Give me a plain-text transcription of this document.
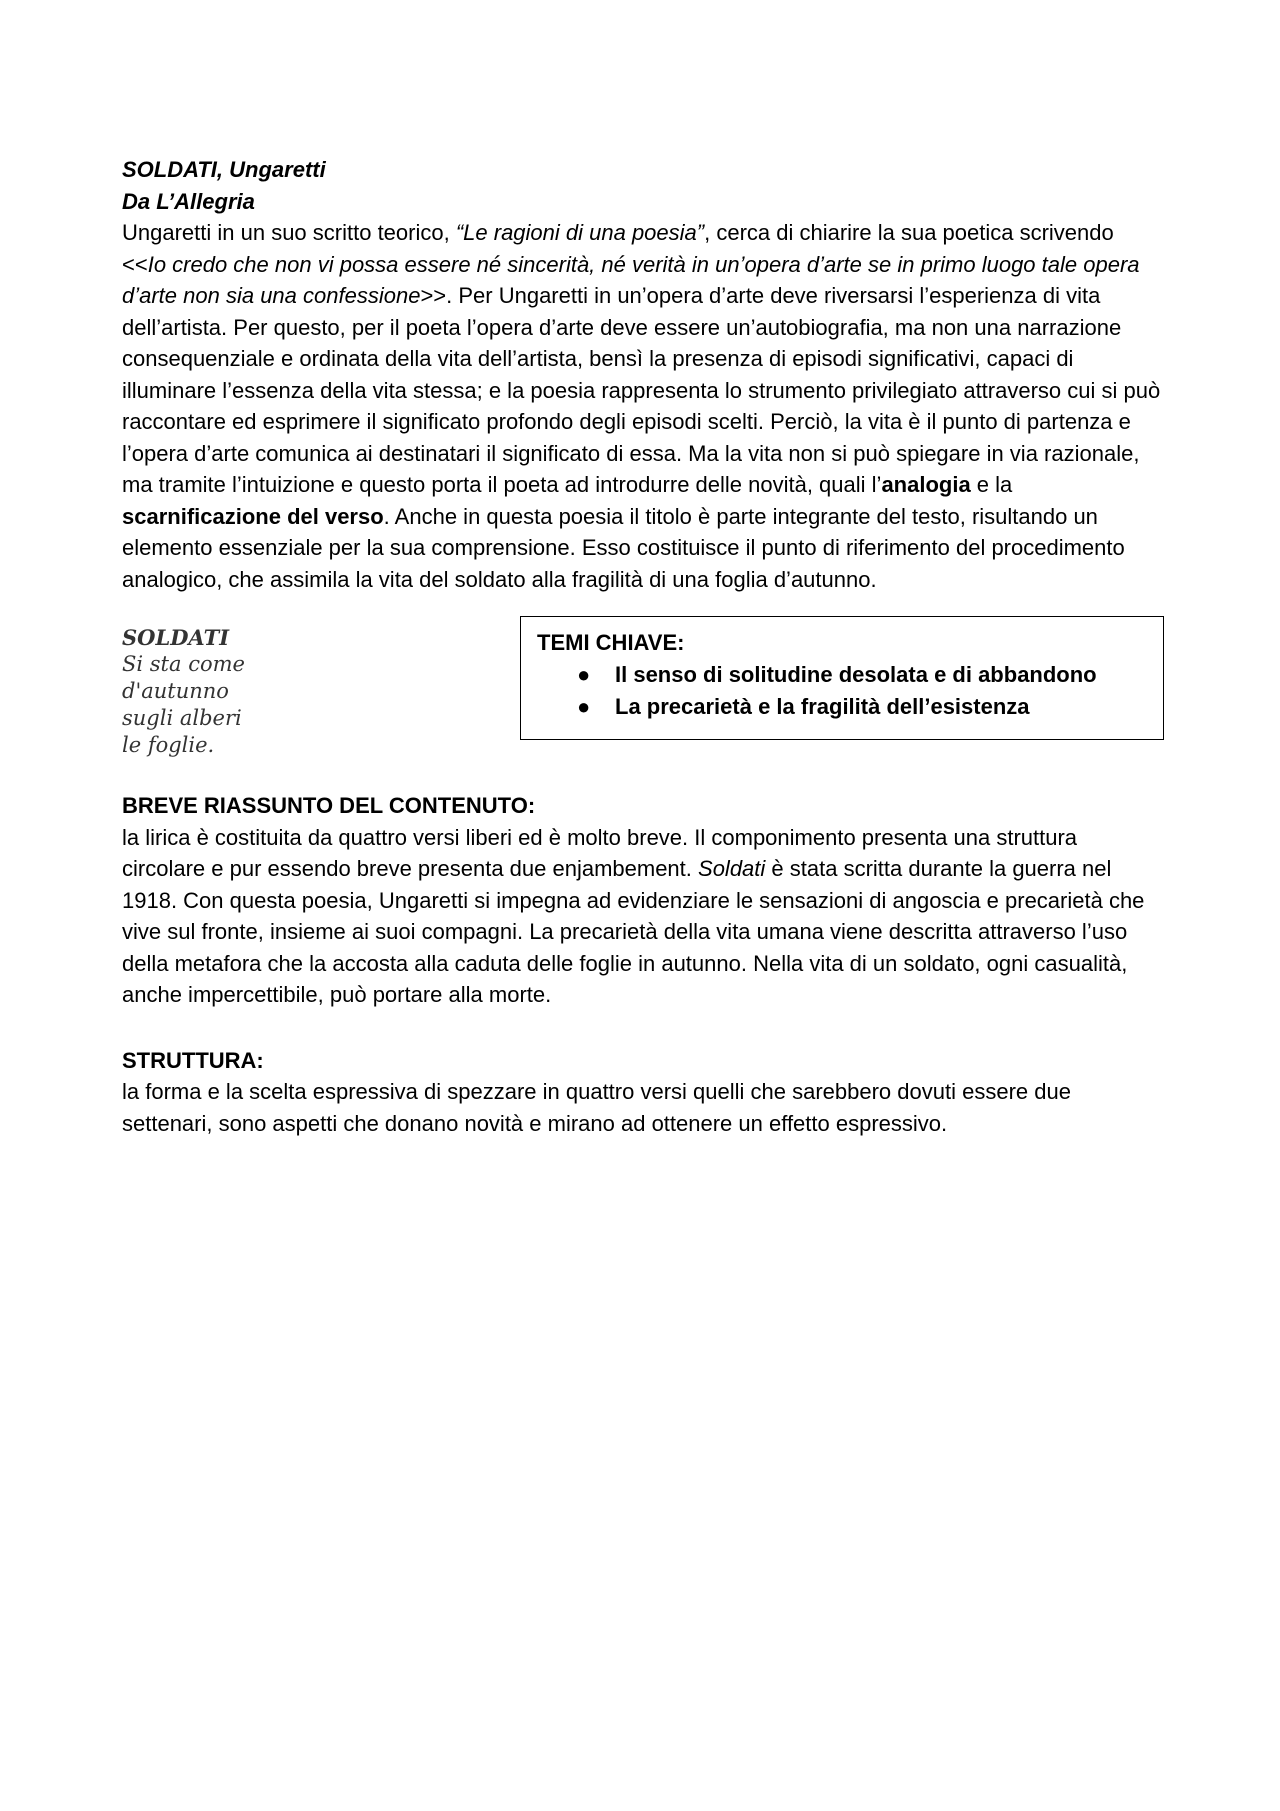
SOLDATI, Ungaretti
Da L’Allegria

Ungaretti in un suo scritto teorico, “Le ragioni di una poesia”, cerca di chiarire la sua poetica scrivendo <<Io credo che non vi possa essere né sincerità, né verità in un’opera d’arte se in primo luogo tale opera d’arte non sia una confessione>>. Per Ungaretti in un’opera d’arte deve riversarsi l’esperienza di vita dell’artista. Per questo, per il poeta l’opera d’arte deve essere un’autobiografia, ma non una narrazione consequenziale e ordinata della vita dell’artista, bensì la presenza di episodi significativi, capaci di illuminare l’essenza della vita stessa; e la poesia rappresenta lo strumento privilegiato attraverso cui si può raccontare ed esprimere il significato profondo degli episodi scelti. Perciò, la vita è il punto di partenza e l’opera d’arte comunica ai destinatari il significato di essa. Ma la vita non si può spiegare in via razionale, ma tramite l’intuizione e questo porta il poeta ad introdurre delle novità, quali l’analogia e la scarnificazione del verso. Anche in questa poesia il titolo è parte integrante del testo, risultando un elemento essenziale per la sua comprensione. Esso costituisce il punto di riferimento del procedimento analogico, che assimila la vita del soldato alla fragilità di una foglia d’autunno.

SOLDATI
Si sta come
d'autunno
sugli alberi
le foglie.
TEMI CHIAVE:
● Il senso di solitudine desolata e di abbandono
● La precarietà e la fragilità dell’esistenza
BREVE RIASSUNTO DEL CONTENUTO:

la lirica è costituita da quattro versi liberi ed è molto breve. Il componimento presenta una struttura circolare e pur essendo breve presenta due enjambement. Soldati è stata scritta durante la guerra nel 1918. Con questa poesia, Ungaretti si impegna ad evidenziare le sensazioni di angoscia e precarietà che vive sul fronte, insieme ai suoi compagni. La precarietà della vita umana viene descritta attraverso l’uso della metafora che la accosta alla caduta delle foglie in autunno. Nella vita di un soldato, ogni casualità, anche impercettibile, può portare alla morte.

STRUTTURA:

la forma e la scelta espressiva di spezzare in quattro versi quelli che sarebbero dovuti essere due settenari, sono aspetti che donano novità e mirano ad ottenere un effetto espressivo.
